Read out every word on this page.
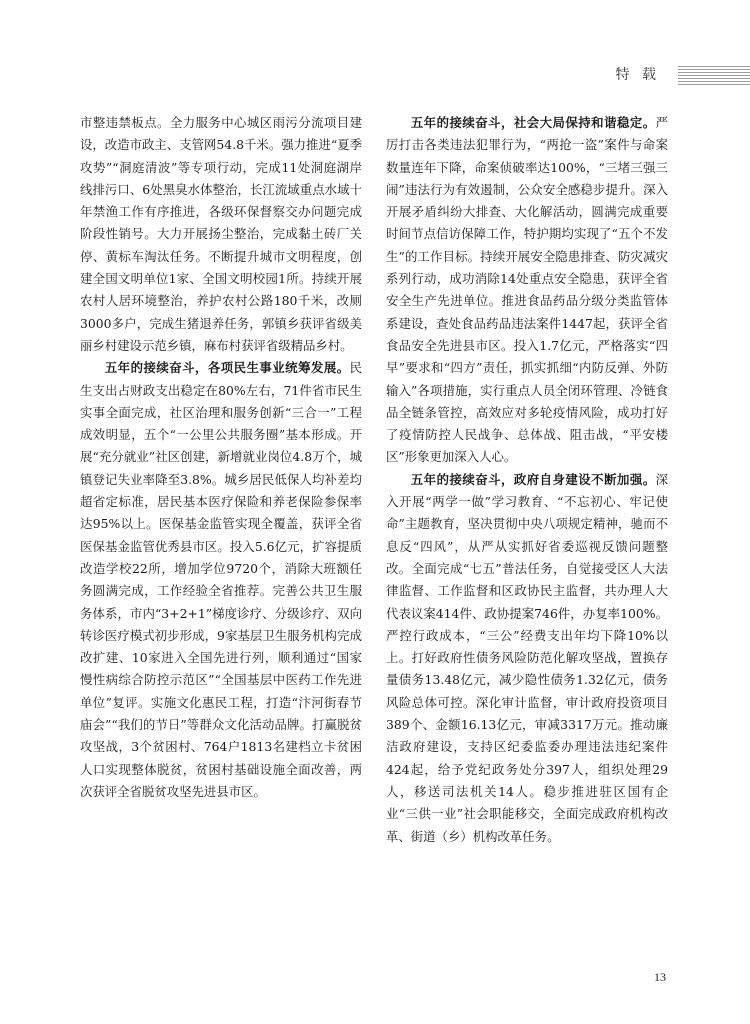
特 载

市整违禁板点。全力服务中心城区雨污分流项目建设，改造市政主、支管网54.8千米。强力推进“夏季攻势”“洞庭清波”等专项行动，完成11处洞庭湖岸线排污口、6处黑臭水体整治，长江流域重点水域十年禁渔工作有序推进，各级环保督察交办问题完成阶段性销号。大力开展扬尘整治，完成黏土砖厂关停、黄标车淘汰任务。不断提升城市文明程度，创建全国文明单位1家、全国文明校园1所。持续开展农村人居环境整治，养护农村公路180千米，改厕3000多户，完成生猪退养任务，郭镇乡获评省级美丽乡村建设示范乡镇，麻布村获评省级精品乡村。

五年的接续奋斗，各项民生事业统筹发展。民生支出占财政支出稳定在80%左右，71件省市民生实事全面完成，社区治理和服务创新“三合一”工程成效明显，五个“一公里公共服务圈”基本形成。开展“充分就业”社区创建，新增就业岗位4.8万个，城镇登记失业率降至3.8%。城乡居民低保人均补差均超省定标准，居民基本医疗保险和养老保险参保率达95%以上。医保基金监管实现全覆盖，获评全省医保基金监管优秀县市区。投入5.6亿元，扩容提质改造学校22所，增加学位9720个，消除大班额任务圆满完成，工作经验全省推荐。完善公共卫生服务体系，市内“3+2+1”梯度诊疗、分级诊疗、双向转诊医疗模式初步形成，9家基层卫生服务机构完成改扩建、10家进入全国先进行列，顺利通过“国家慢性病综合防控示范区”“全国基层中医药工作先进单位”复评。实施文化惠民工程，打造“汴河街春节庙会”“我们的节日”等群众文化活动品牌。打赢脱贫攻坚战，3个贫困村、764户1813名建档立卡贫困人口实现整体脱贫，贫困村基础设施全面改善，两次获评全省脱贫攻坚先进县市区。

五年的接续奋斗，社会大局保持和谐稳定。严厉打击各类违法犯罪行为，“两抢一盗”案件与命案数量连年下降，命案侦破率达100%，“三堵三强三闹”违法行为有效遏制，公众安全感稳步提升。深入开展矛盾纠纷大排查、大化解活动，圆满完成重要时间节点信访保障工作，特护期均实现了“五个不发生”的工作目标。持续开展安全隐患排查、防灾减灾系列行动，成功消除14处重点安全隐患，获评全省安全生产先进单位。推进食品药品分级分类监管体系建设，查处食品药品违法案件1447起，获评全省食品安全先进县市区。投入1.7亿元，严格落实“四早”要求和“四方”责任，抓实抓细“内防反弹、外防输入”各项措施，实行重点人员全闭环管理、冷链食品全链条管控，高效应对多轮疫情风险，成功打好了疫情防控人民战争、总体战、阻击战，“平安楼区”形象更加深入人心。

五年的接续奋斗，政府自身建设不断加强。深入开展“两学一做”学习教育、“不忘初心、牢记使命”主题教育，坚决贯彻中央八项规定精神，驰而不息反“四风”，从严从实抓好省委巡视反馈问题整改。全面完成“七五”普法任务，自觉接受区人大法律监督、工作监督和区政协民主监督，共办理人大代表议案414件、政协提案746件，办复率100%。严控行政成本，“三公”经费支出年均下降10%以上。打好政府性债务风险防范化解攻坚战，置换存量债务13.48亿元，减少隐性债务1.32亿元，债务风险总体可控。深化审计监督，审计政府投资项目389个、金额16.13亿元，审减3317万元。推动廉洁政府建设，支持区纪委监委办理违法违纪案件424起，给予党纪政务处分397人，组织处理29人，移送司法机关14人。稳步推进驻区国有企业“三供一业”社会职能移交，全面完成政府机构改革、街道（乡）机构改革任务。

13
